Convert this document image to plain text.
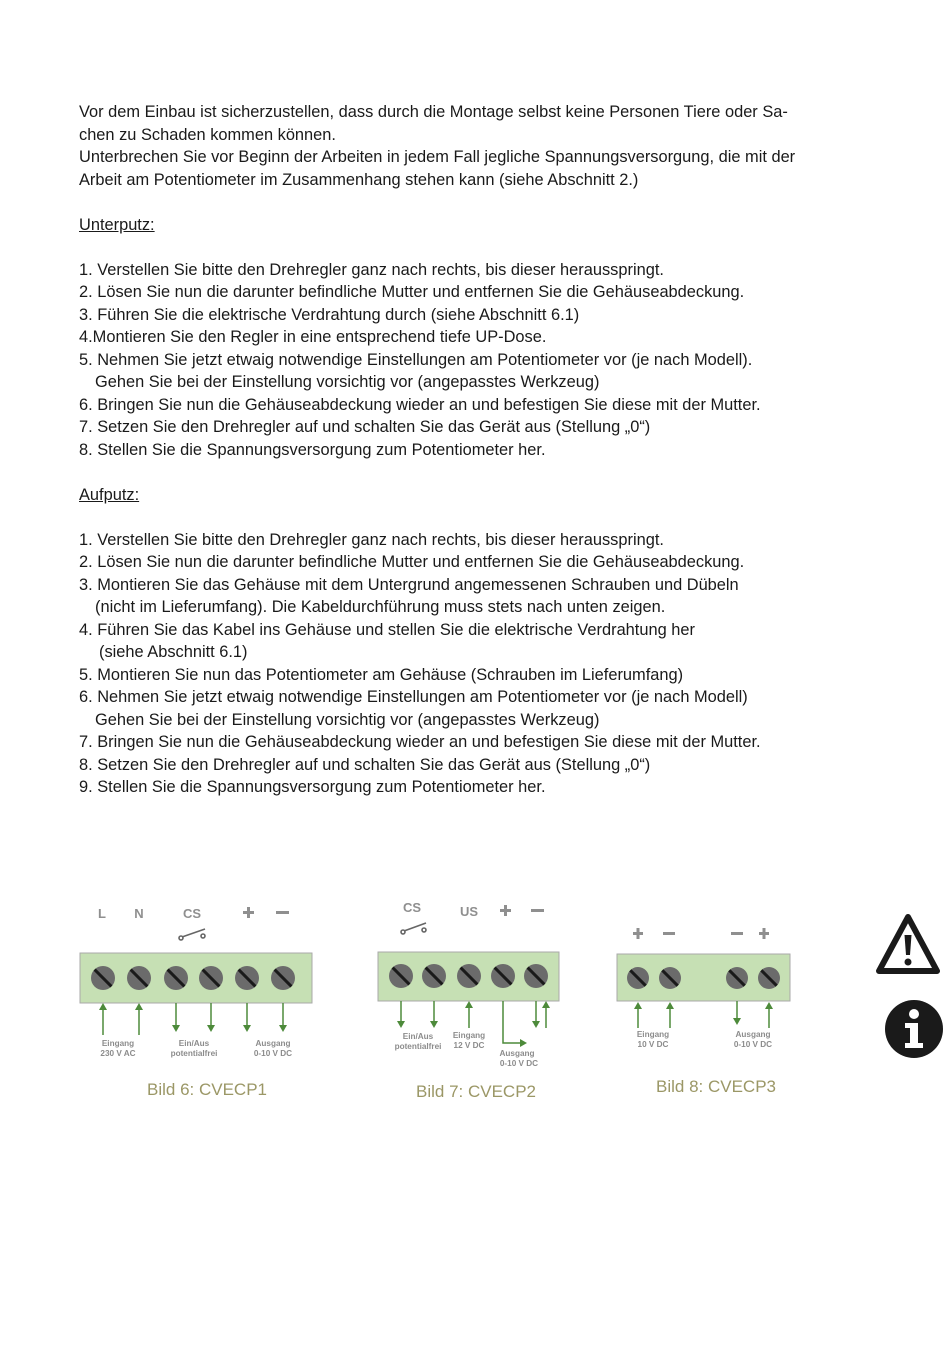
Vor dem Einbau ist sicherzustellen, dass durch die Montage selbst keine Personen Tiere oder Sa-

chen zu Schaden kommen können.

Unterbrechen Sie vor Beginn der Arbeiten in jedem Fall jegliche Spannungsversorgung, die mit der

Arbeit am Potentiometer im Zusammenhang stehen kann (siehe Abschnitt 2.)

Unterputz:

1. Verstellen Sie bitte den Drehregler ganz nach rechts, bis dieser herausspringt.

2. Lösen Sie nun die darunter befindliche Mutter und entfernen Sie die Gehäuseabdeckung.

3. Führen Sie die elektrische Verdrahtung durch (siehe Abschnitt 6.1)

4.Montieren Sie den Regler in eine entsprechend tiefe UP-Dose.

5. Nehmen Sie jetzt etwaig notwendige Einstellungen am Potentiometer vor (je nach Modell).

Gehen Sie bei der Einstellung vorsichtig vor (angepasstes Werkzeug)

6. Bringen Sie nun die Gehäuseabdeckung wieder an und befestigen Sie diese mit der Mutter.

7. Setzen Sie den Drehregler auf und schalten Sie das Gerät aus (Stellung „0“)

8. Stellen Sie die Spannungsversorgung zum Potentiometer her.

Aufputz:

1. Verstellen Sie bitte den Drehregler ganz nach rechts, bis dieser herausspringt.

2. Lösen Sie nun die darunter befindliche Mutter und entfernen Sie die Gehäuseabdeckung.

3. Montieren Sie das Gehäuse mit dem Untergrund angemessenen Schrauben und Dübeln

(nicht im Lieferumfang). Die Kabeldurchführung muss stets nach unten zeigen.

4. Führen Sie das Kabel ins Gehäuse und stellen Sie die elektrische Verdrahtung her

(siehe Abschnitt 6.1)

5. Montieren Sie nun das Potentiometer am Gehäuse (Schrauben im Lieferumfang)

6. Nehmen Sie jetzt etwaig notwendige Einstellungen am Potentiometer vor (je nach Modell)

Gehen Sie bei der Einstellung vorsichtig vor (angepasstes Werkzeug)

7. Bringen Sie nun die Gehäuseabdeckung wieder an und befestigen Sie diese mit der Mutter.

8. Setzen Sie den Drehregler auf und schalten Sie das Gerät aus (Stellung „0“)

9. Stellen Sie die Spannungsversorgung zum Potentiometer her.

L N	CS
Eingang
230 V AC
Ein/Aus
potentialfrei
Ausgang
0-10 V DC
Bild 6: CVECP1
CS	US
Ein/Aus
potentialfrei
Eingang
12 V DC
Ausgang
0-10 V DC
Bild 7: CVECP2
Eingang
10 V DC
Ausgang
0-10 V DC
Bild 8: CVECP3
